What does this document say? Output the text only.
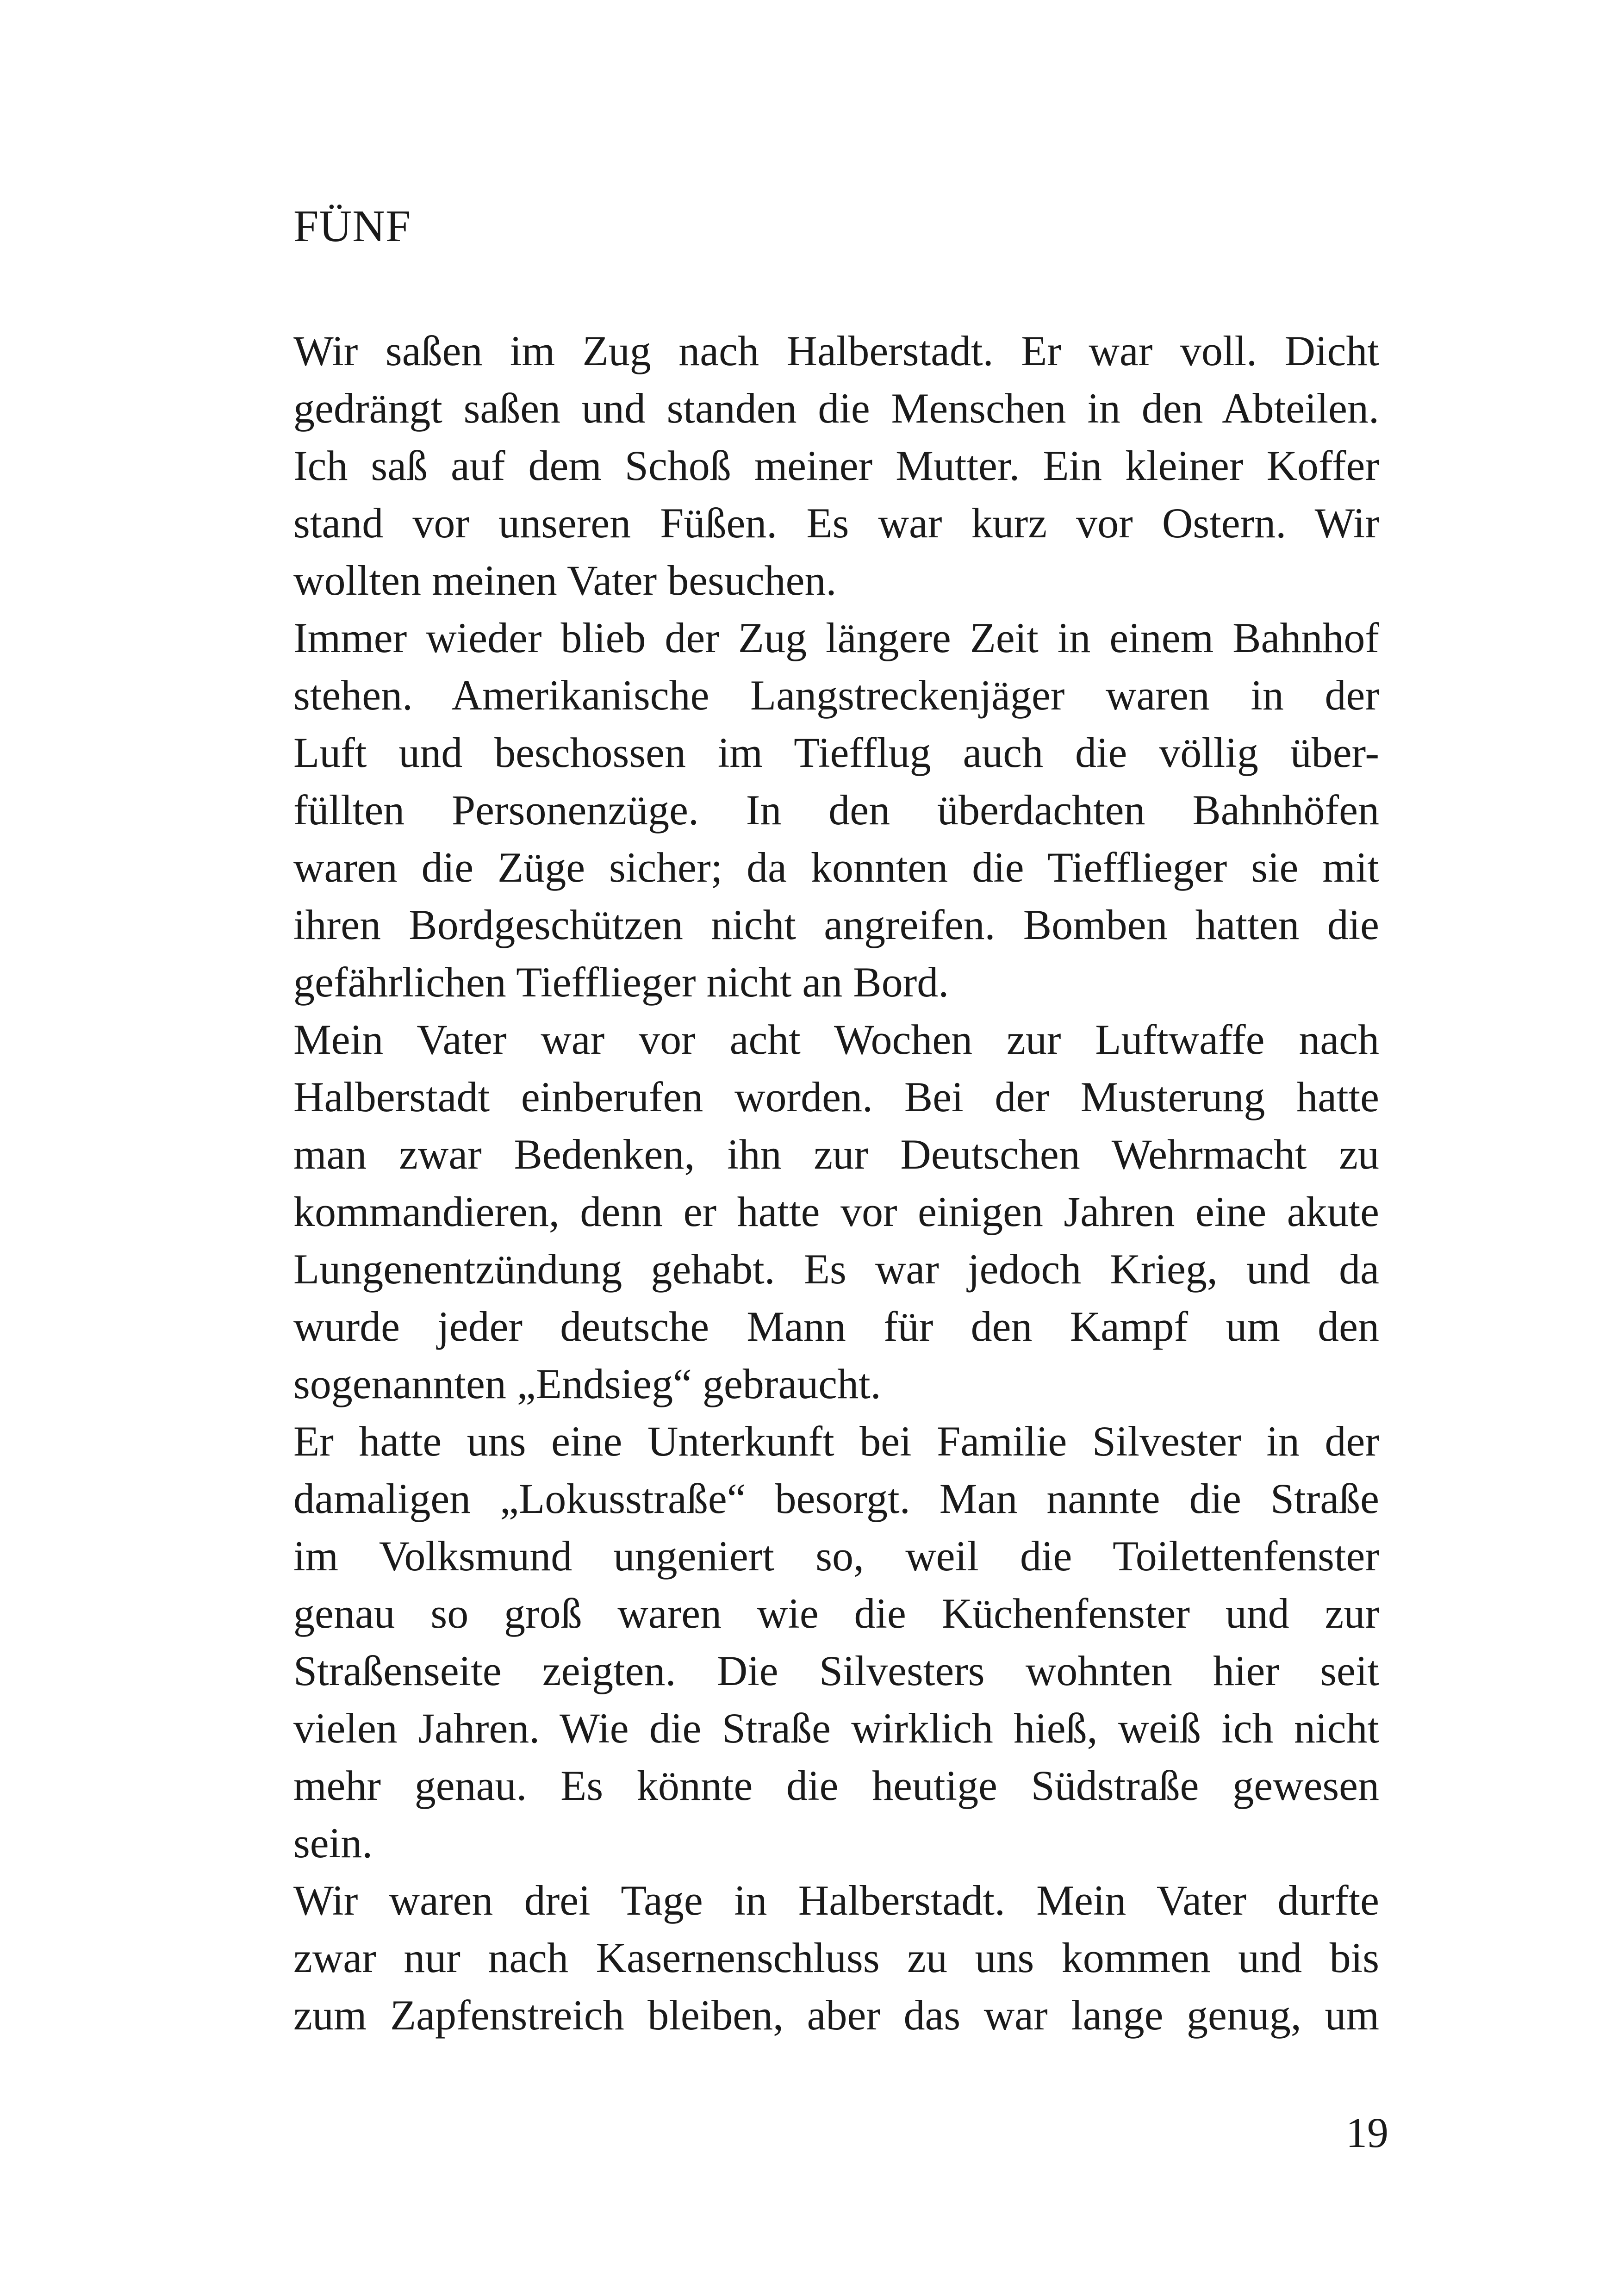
FÜNF
Wir saßen im Zug nach Halberstadt. Er war voll. Dicht
gedrängt saßen und standen die Menschen in den Abteilen.
Ich saß auf dem Schoß meiner Mutter. Ein kleiner Koffer
stand vor unseren Füßen. Es war kurz vor Ostern. Wir
wollten meinen Vater besuchen.
Immer wieder blieb der Zug längere Zeit in einem Bahnhof
stehen. Amerikanische Langstreckenjäger waren in der
Luft und beschossen im Tiefflug auch die völlig über-
füllten Personenzüge. In den überdachten Bahnhöfen
waren die Züge sicher; da konnten die Tiefflieger sie mit
ihren Bordgeschützen nicht angreifen. Bomben hatten die
gefährlichen Tiefflieger nicht an Bord.
Mein Vater war vor acht Wochen zur Luftwaffe nach
Halberstadt einberufen worden. Bei der Musterung hatte
man zwar Bedenken, ihn zur Deutschen Wehrmacht zu
kommandieren, denn er hatte vor einigen Jahren eine akute
Lungenentzündung gehabt. Es war jedoch Krieg, und da
wurde jeder deutsche Mann für den Kampf um den
sogenannten „Endsieg“ gebraucht.
Er hatte uns eine Unterkunft bei Familie Silvester in der
damaligen „Lokusstraße“ besorgt. Man nannte die Straße
im Volksmund ungeniert so, weil die Toilettenfenster
genau so groß waren wie die Küchenfenster und zur
Straßenseite zeigten. Die Silvesters wohnten hier seit
vielen Jahren. Wie die Straße wirklich hieß, weiß ich nicht
mehr genau. Es könnte die heutige Südstraße gewesen
sein.
Wir waren drei Tage in Halberstadt. Mein Vater durfte
zwar nur nach Kasernenschluss zu uns kommen und bis
zum Zapfenstreich bleiben, aber das war lange genug, um
19
